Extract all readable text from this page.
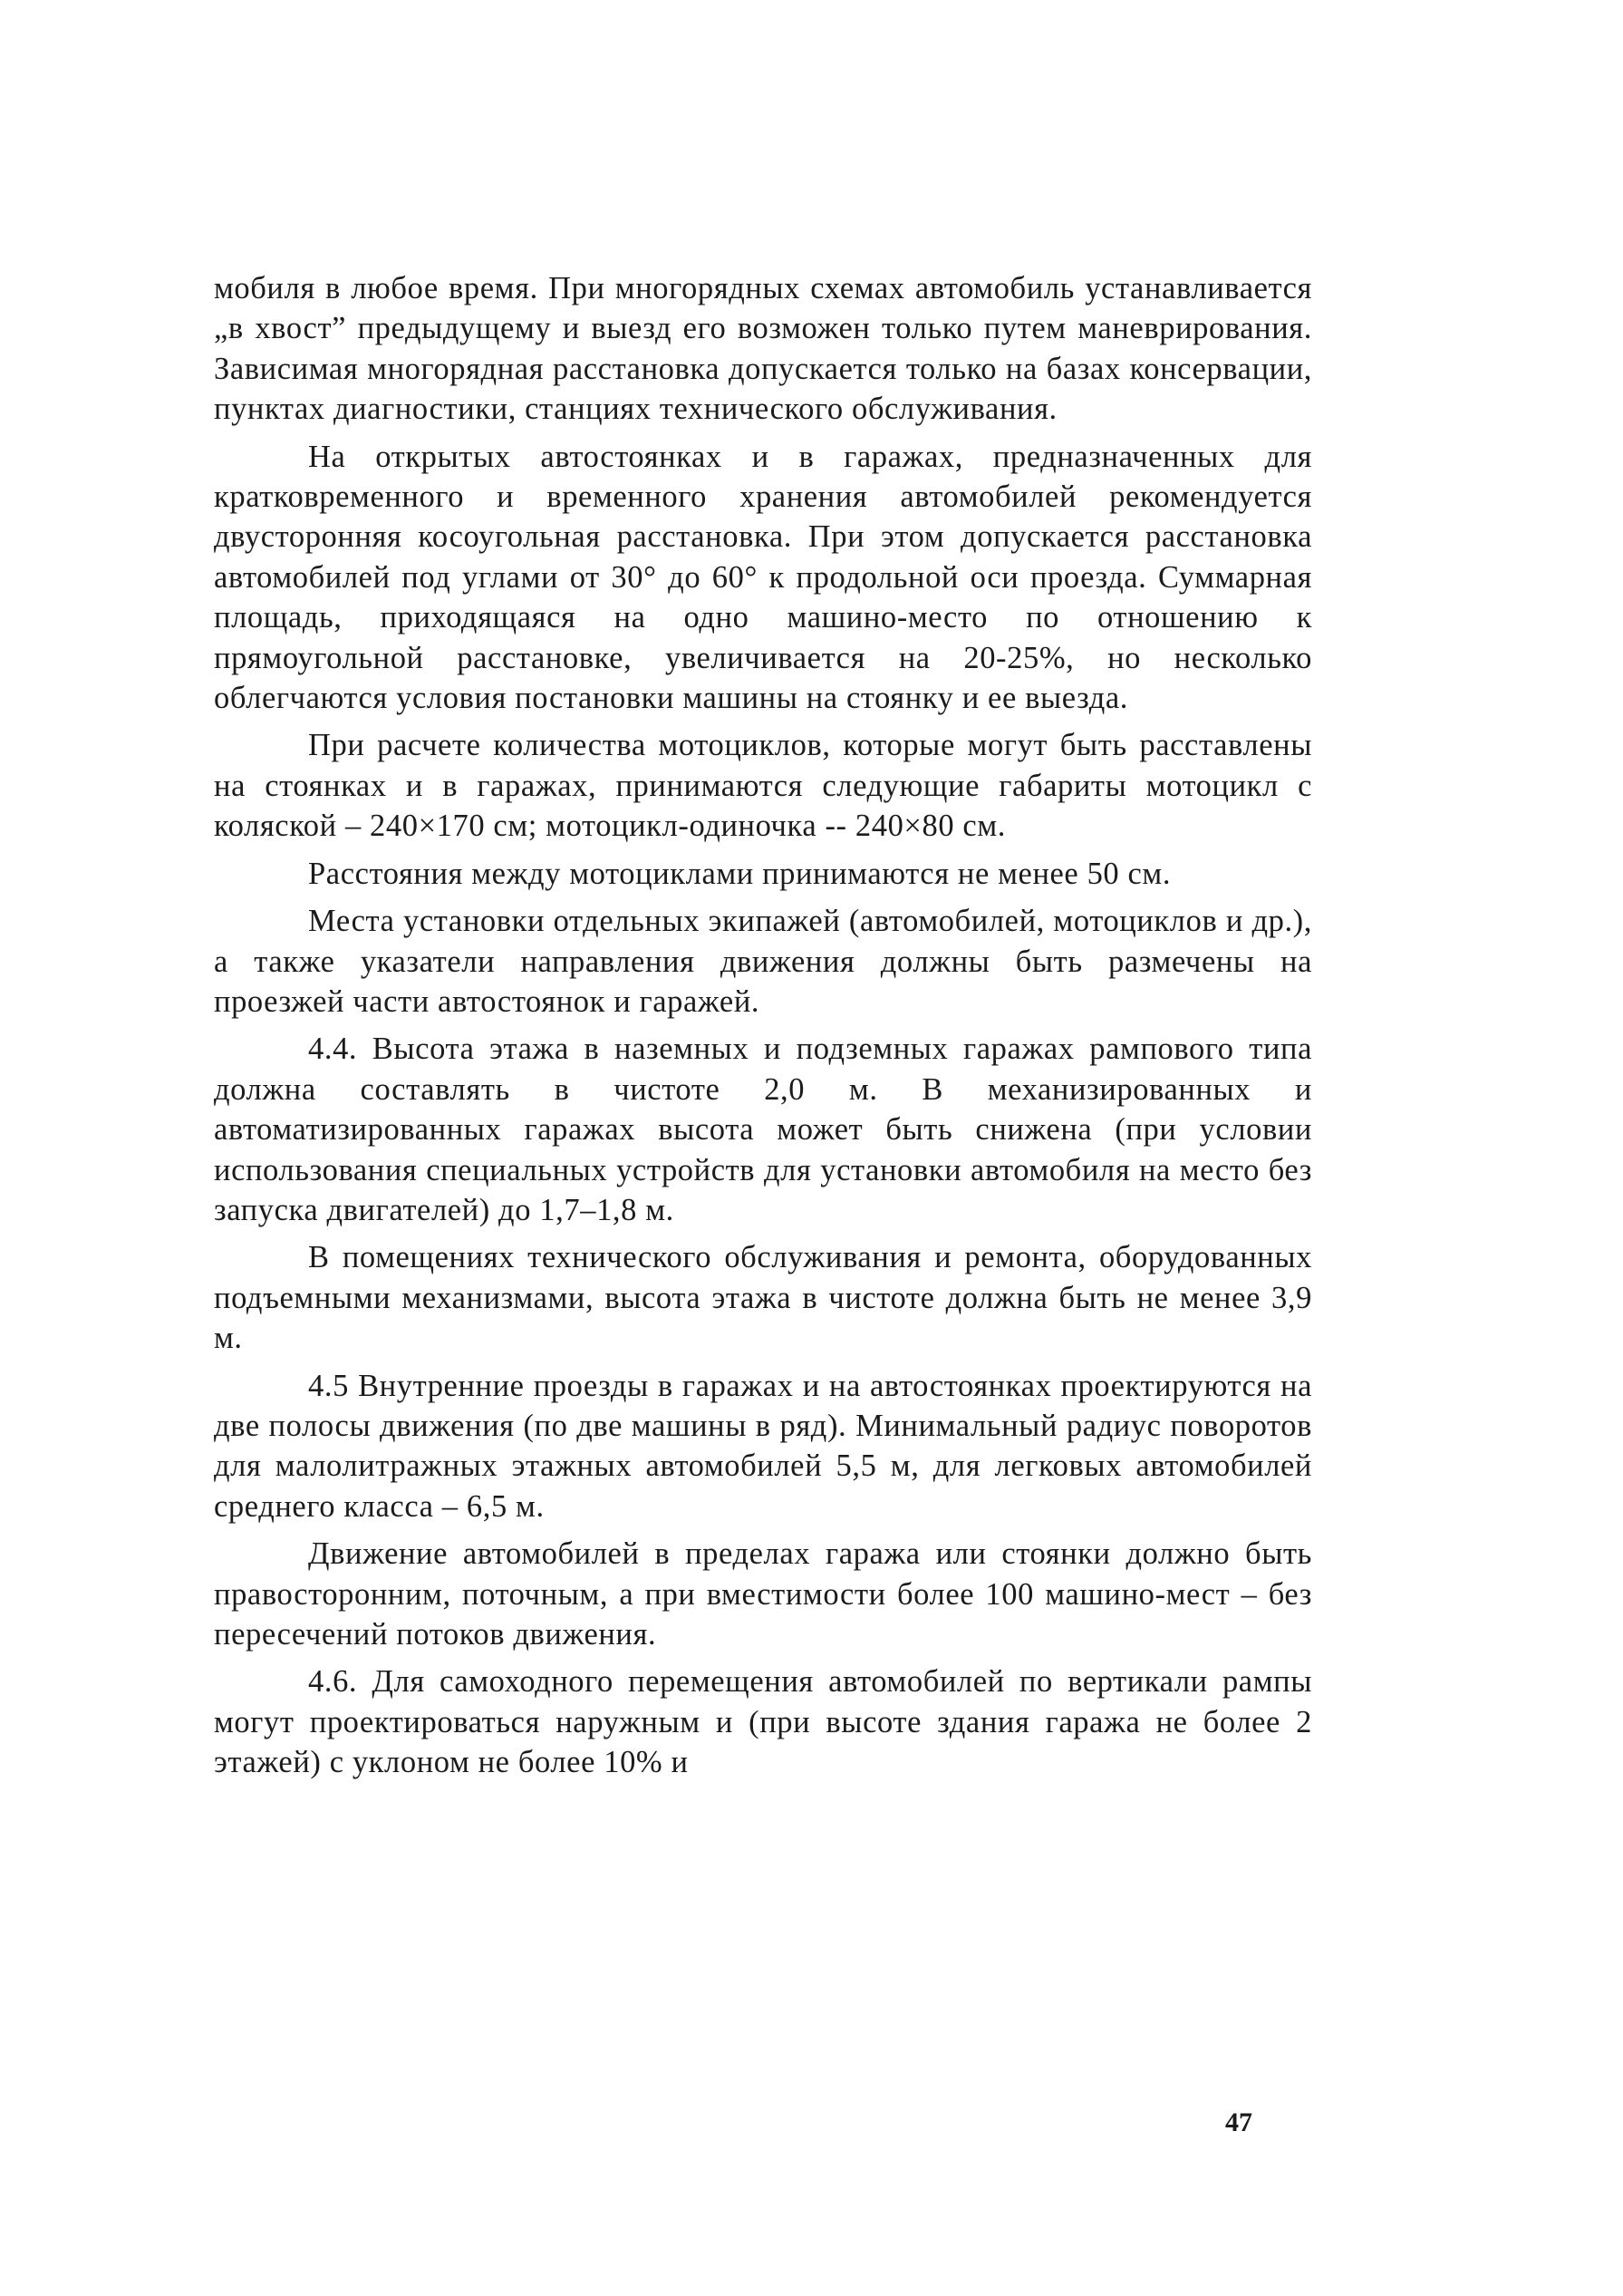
мобиля в любое время. При многорядных схемах автомобиль устанавливается „в хвост” предыдущему и выезд его возможен только путем маневрирования. Зависимая многорядная расстановка допускается только на базах консервации, пунктах диагностики, станциях технического обслуживания.

На открытых автостоянках и в гаражах, предназначенных для кратковременного и временного хранения автомобилей рекомендуется двусторонняя косоугольная расстановка. При этом допускается расстановка автомобилей под углами от 30° до 60° к продольной оси проезда. Суммарная площадь, приходящаяся на одно машино-место по отношению к прямоугольной расстановке, увеличивается на 20-25%, но несколько облегчаются условия постановки машины на стоянку и ее выезда.

При расчете количества мотоциклов, которые могут быть расставлены на стоянках и в гаражах, принимаются следующие габариты мотоцикл с коляской – 240×170 см; мотоцикл-одиночка -- 240×80 см.

Расстояния между мотоциклами принимаются не менее 50 см.

Места установки отдельных экипажей (автомобилей, мотоциклов и др.), а также указатели направления движения должны быть размечены на проезжей части автостоянок и гаражей.

4.4. Высота этажа в наземных и подземных гаражах рампового типа должна составлять в чистоте 2,0 м. В механизированных и автоматизированных гаражах высота может быть снижена (при условии использования специальных устройств для установки автомобиля на место без запуска двигателей) до 1,7–1,8 м.

В помещениях технического обслуживания и ремонта, оборудованных подъемными механизмами, высота этажа в чистоте должна быть не менее 3,9 м.

4.5 Внутренние проезды в гаражах и на автостоянках проектируются на две полосы движения (по две машины в ряд). Минимальный радиус поворотов для малолитражных этажных автомобилей 5,5 м, для легковых автомобилей среднего класса – 6,5 м.

Движение автомобилей в пределах гаража или стоянки должно быть правосторонним, поточным, а при вместимости более 100 машино-мест – без пересечений потоков движения.

4.6. Для самоходного перемещения автомобилей по вертикали рампы могут проектироваться наружным и (при высоте здания гаража не более 2 этажей) с уклоном не более 10% и

47
